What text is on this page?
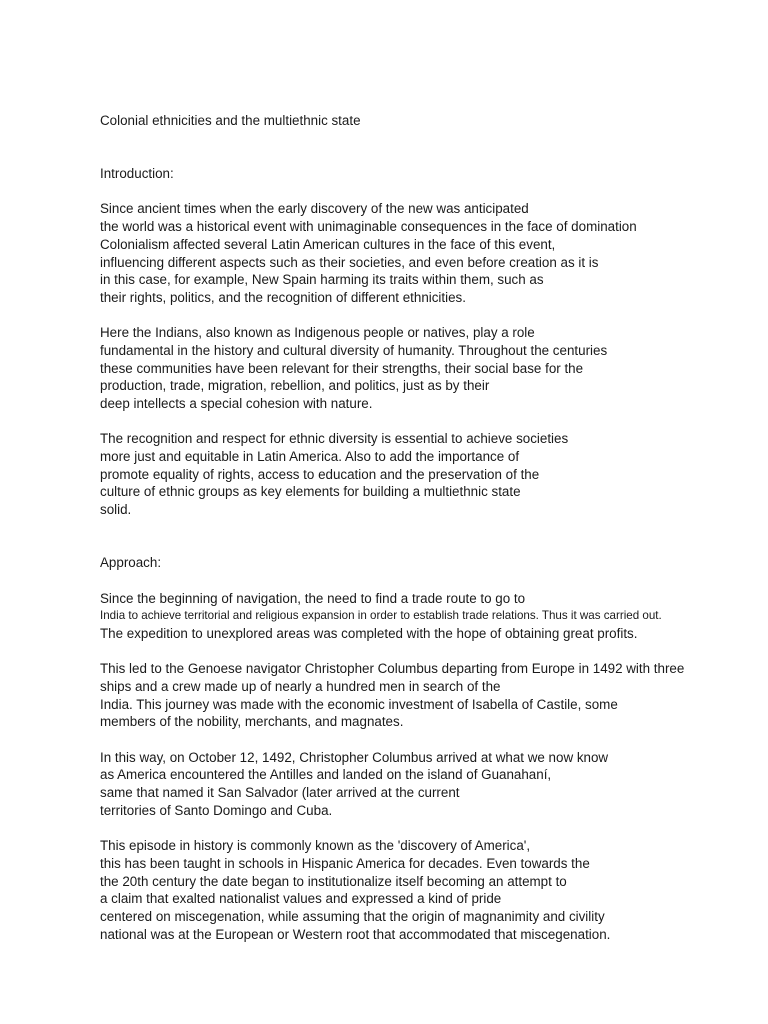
Colonial ethnicities and the multiethnic state
Introduction:
Since ancient times when the early discovery of the new was anticipated
the world was a historical event with unimaginable consequences in the face of domination
Colonialism affected several Latin American cultures in the face of this event,
influencing different aspects such as their societies, and even before creation as it is
in this case, for example, New Spain harming its traits within them, such as
their rights, politics, and the recognition of different ethnicities.
Here the Indians, also known as Indigenous people or natives, play a role
fundamental in the history and cultural diversity of humanity. Throughout the centuries
these communities have been relevant for their strengths, their social base for the
production, trade, migration, rebellion, and politics, just as by their
deep intellects a special cohesion with nature.
The recognition and respect for ethnic diversity is essential to achieve societies
more just and equitable in Latin America. Also to add the importance of
promote equality of rights, access to education and the preservation of the
culture of ethnic groups as key elements for building a multiethnic state
solid.
Approach:
Since the beginning of navigation, the need to find a trade route to go to
India to achieve territorial and religious expansion in order to establish trade relations. Thus it was carried out.
The expedition to unexplored areas was completed with the hope of obtaining great profits.
This led to the Genoese navigator Christopher Columbus departing from Europe in 1492 with three
ships and a crew made up of nearly a hundred men in search of the
India. This journey was made with the economic investment of Isabella of Castile, some
members of the nobility, merchants, and magnates.
In this way, on October 12, 1492, Christopher Columbus arrived at what we now know
as America encountered the Antilles and landed on the island of Guanahaní,
same that named it San Salvador (later arrived at the current
territories of Santo Domingo and Cuba.
This episode in history is commonly known as the 'discovery of America',
this has been taught in schools in Hispanic America for decades. Even towards the
the 20th century the date began to institutionalize itself becoming an attempt to
a claim that exalted nationalist values and expressed a kind of pride
centered on miscegenation, while assuming that the origin of magnanimity and civility
national was at the European or Western root that accommodated that miscegenation.
